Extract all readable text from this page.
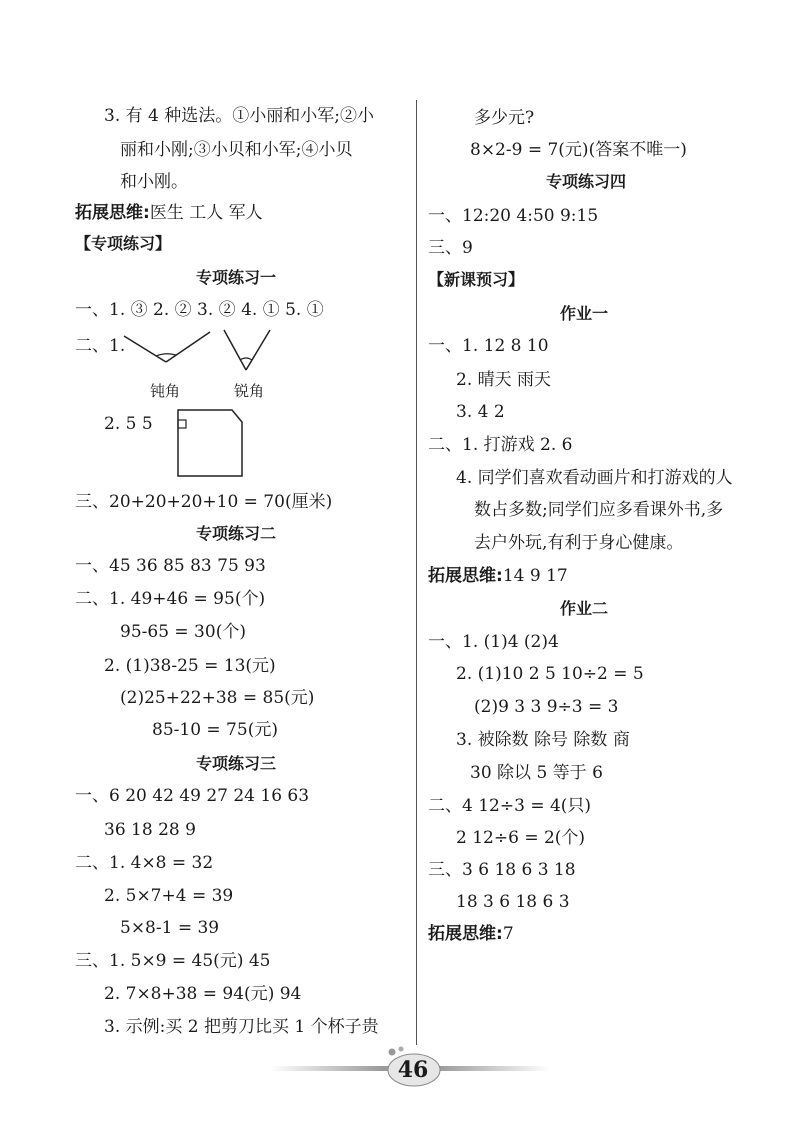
3. 有 4 种选法。①小丽和小军;②小
丽和小刚;③小贝和小军;④小贝
和小刚。
拓展思维:医生 工人 军人
【专项练习】
专项练习一
一、1. ③ 2. ② 3. ② 4. ① 5. ①
二、1.
钝角	锐角
2. 5 5
三、20+20+20+10 = 70(厘米)
专项练习二
一、45 36 85 83 75 93
二、1. 49+46 = 95(个)
95-65 = 30(个)
2. (1)38-25 = 13(元)
(2)25+22+38 = 85(元)
85-10 = 75(元)
专项练习三
一、6 20 42 49 27 24 16 63
36 18 28 9
二、1. 4×8 = 32
2. 5×7+4 = 39
5×8-1 = 39
三、1. 5×9 = 45(元) 45
2. 7×8+38 = 94(元) 94
3. 示例:买 2 把剪刀比买 1 个杯子贵
多少元?
8×2-9 = 7(元)(答案不唯一)
专项练习四
一、12:20 4:50 9:15
三、9
【新课预习】
作业一
一、1. 12 8 10
2. 晴天 雨天
3. 4 2
二、1. 打游戏 2. 6
4. 同学们喜欢看动画片和打游戏的人
数占多数;同学们应多看课外书,多
去户外玩,有利于身心健康。
拓展思维:14 9 17
作业二
一、1. (1)4 (2)4
2. (1)10 2 5 10÷2 = 5
(2)9 3 3 9÷3 = 3
3. 被除数 除号 除数 商
30 除以 5 等于 6
二、4 12÷3 = 4(只)
2 12÷6 = 2(个)
三、3 6 18 6 3 18
18 3 6 18 6 3
拓展思维:7
46
